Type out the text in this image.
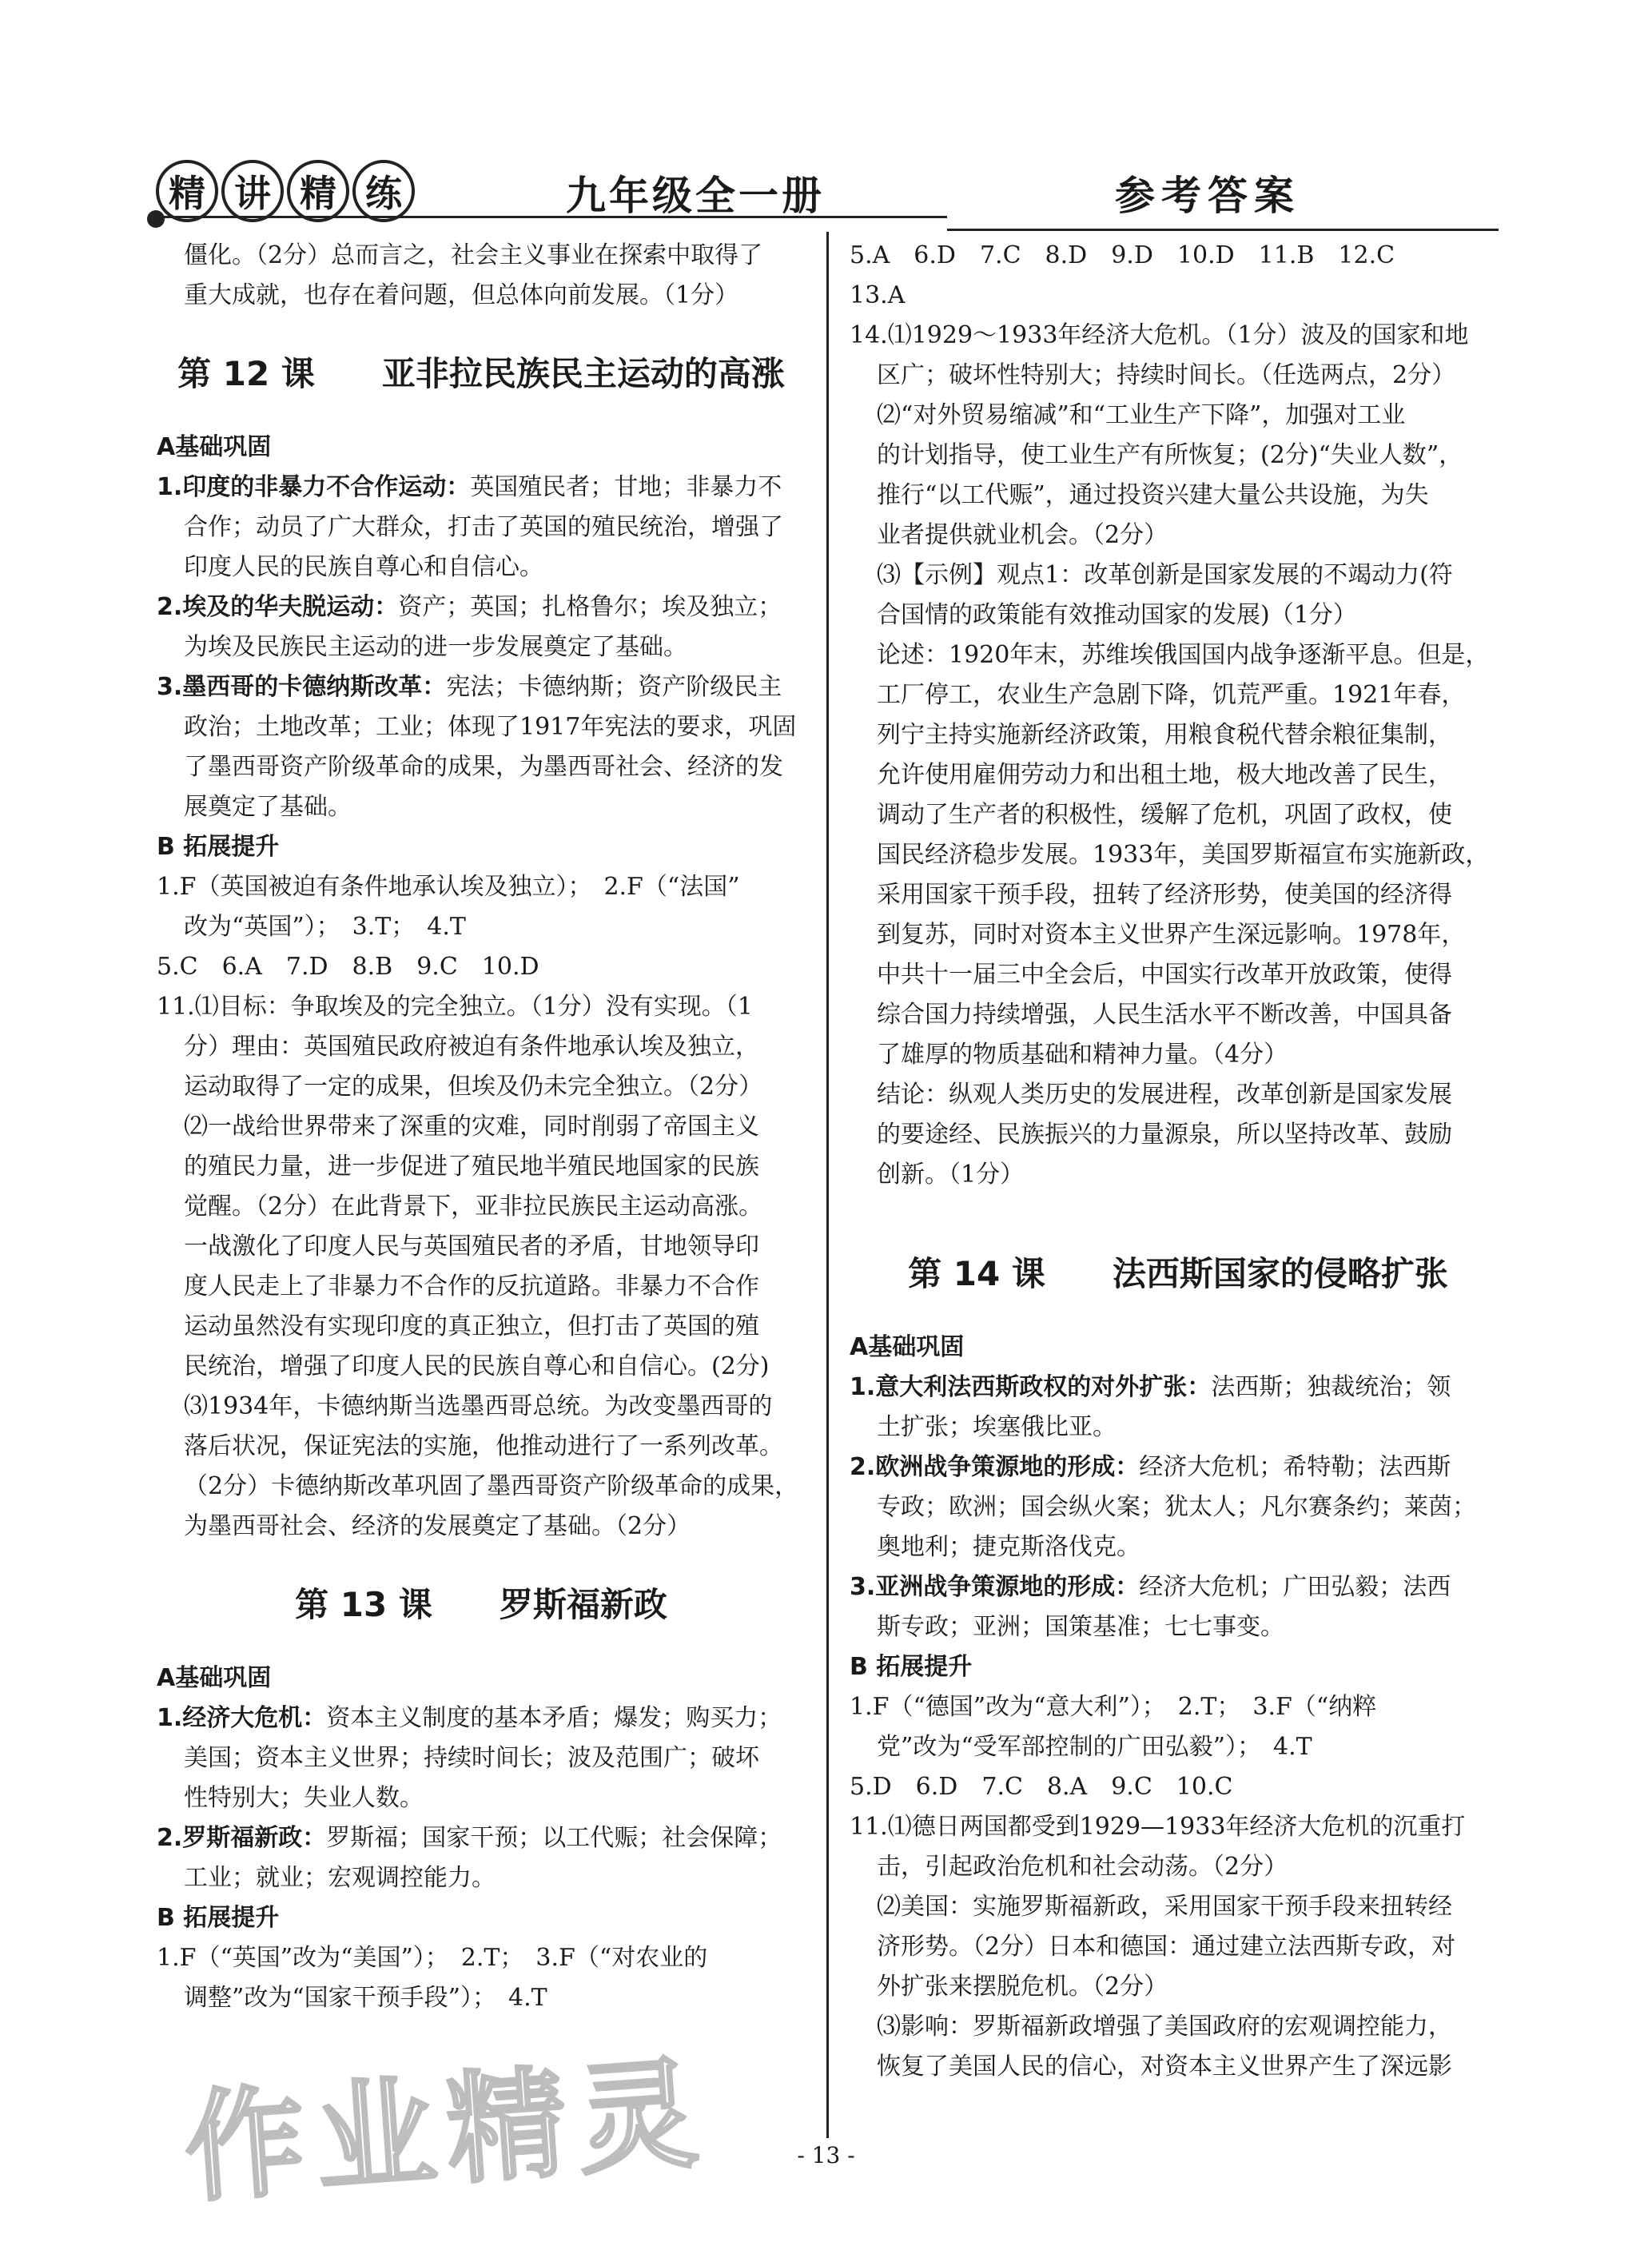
精 讲 精 练	九年级全一册	参考答案

僵化。（2分）总而言之，社会主义事业在探索中取得了

重大成就，也存在着问题，但总体向前发展。（1分）

第 12 课　　亚非拉民族民主运动的高涨

A基础巩固

1.印度的非暴力不合作运动：英国殖民者；甘地；非暴力不

合作；动员了广大群众，打击了英国的殖民统治，增强了

印度人民的民族自尊心和自信心。

2.埃及的华夫脱运动：资产；英国；扎格鲁尔；埃及独立；

为埃及民族民主运动的进一步发展奠定了基础。

3.墨西哥的卡德纳斯改革：宪法；卡德纳斯；资产阶级民主

政治；土地改革；工业；体现了1917年宪法的要求，巩固

了墨西哥资产阶级革命的成果，为墨西哥社会、经济的发

展奠定了基础。

B 拓展提升

1.F（英国被迫有条件地承认埃及独立）；　2.F（“法国”

改为“英国”）；　3.T；　4.T

5.C　6.A　7.D　8.B　9.C　10.D

11.⑴目标：争取埃及的完全独立。（1分）没有实现。（1

分）理由：英国殖民政府被迫有条件地承认埃及独立，

运动取得了一定的成果，但埃及仍未完全独立。（2分）

⑵一战给世界带来了深重的灾难，同时削弱了帝国主义

的殖民力量，进一步促进了殖民地半殖民地国家的民族

觉醒。（2分）在此背景下，亚非拉民族民主运动高涨。

一战激化了印度人民与英国殖民者的矛盾，甘地领导印

度人民走上了非暴力不合作的反抗道路。非暴力不合作

运动虽然没有实现印度的真正独立，但打击了英国的殖

民统治，增强了印度人民的民族自尊心和自信心。(2分)

⑶1934年，卡德纳斯当选墨西哥总统。为改变墨西哥的

落后状况，保证宪法的实施，他推动进行了一系列改革。

（2分）卡德纳斯改革巩固了墨西哥资产阶级革命的成果，

为墨西哥社会、经济的发展奠定了基础。（2分）

第 13 课　　罗斯福新政

A基础巩固

1.经济大危机：资本主义制度的基本矛盾；爆发；购买力；

美国；资本主义世界；持续时间长；波及范围广；破坏

性特别大；失业人数。

2.罗斯福新政：罗斯福；国家干预；以工代赈；社会保障；

工业；就业；宏观调控能力。

B 拓展提升

1.F（“英国”改为“美国”）；　2.T；　3.F（“对农业的

调整”改为“国家干预手段”）；　4.T

5.A　6.D　7.C　8.D　9.D　10.D　11.B　12.C

13.A

14.⑴1929～1933年经济大危机。（1分）波及的国家和地

区广；破坏性特别大；持续时间长。（任选两点，2分）

⑵“对外贸易缩减”和“工业生产下降”，加强对工业

的计划指导，使工业生产有所恢复；(2分)“失业人数”，

推行“以工代赈”，通过投资兴建大量公共设施，为失

业者提供就业机会。（2分）

⑶【示例】观点1：改革创新是国家发展的不竭动力(符

合国情的政策能有效推动国家的发展)（1分）

论述：1920年末，苏维埃俄国国内战争逐渐平息。但是，

工厂停工，农业生产急剧下降，饥荒严重。1921年春，

列宁主持实施新经济政策，用粮食税代替余粮征集制，

允许使用雇佣劳动力和出租土地，极大地改善了民生，

调动了生产者的积极性，缓解了危机，巩固了政权，使

国民经济稳步发展。1933年，美国罗斯福宣布实施新政，

采用国家干预手段，扭转了经济形势，使美国的经济得

到复苏，同时对资本主义世界产生深远影响。1978年，

中共十一届三中全会后，中国实行改革开放政策，使得

综合国力持续增强，人民生活水平不断改善，中国具备

了雄厚的物质基础和精神力量。（4分）

结论：纵观人类历史的发展进程，改革创新是国家发展

的要途经、民族振兴的力量源泉，所以坚持改革、鼓励

创新。（1分）

第 14 课　　法西斯国家的侵略扩张

A基础巩固

1.意大利法西斯政权的对外扩张：法西斯；独裁统治；领

土扩张；埃塞俄比亚。

2.欧洲战争策源地的形成：经济大危机；希特勒；法西斯

专政；欧洲；国会纵火案；犹太人；凡尔赛条约；莱茵；

奥地利；捷克斯洛伐克。

3.亚洲战争策源地的形成：经济大危机；广田弘毅；法西

斯专政；亚洲；国策基准；七七事变。

B 拓展提升

1.F（“德国”改为“意大利”）；　2.T；　3.F（“纳粹

党”改为“受军部控制的广田弘毅”）；　4.T

5.D　6.D　7.C　8.A　9.C　10.C

11.⑴德日两国都受到1929—1933年经济大危机的沉重打

击，引起政治危机和社会动荡。（2分）

⑵美国：实施罗斯福新政，采用国家干预手段来扭转经

济形势。（2分）日本和德国：通过建立法西斯专政，对

外扩张来摆脱危机。（2分）

⑶影响：罗斯福新政增强了美国政府的宏观调控能力，

恢复了美国人民的信心，对资本主义世界产生了深远影

作业精灵	- 13 -
